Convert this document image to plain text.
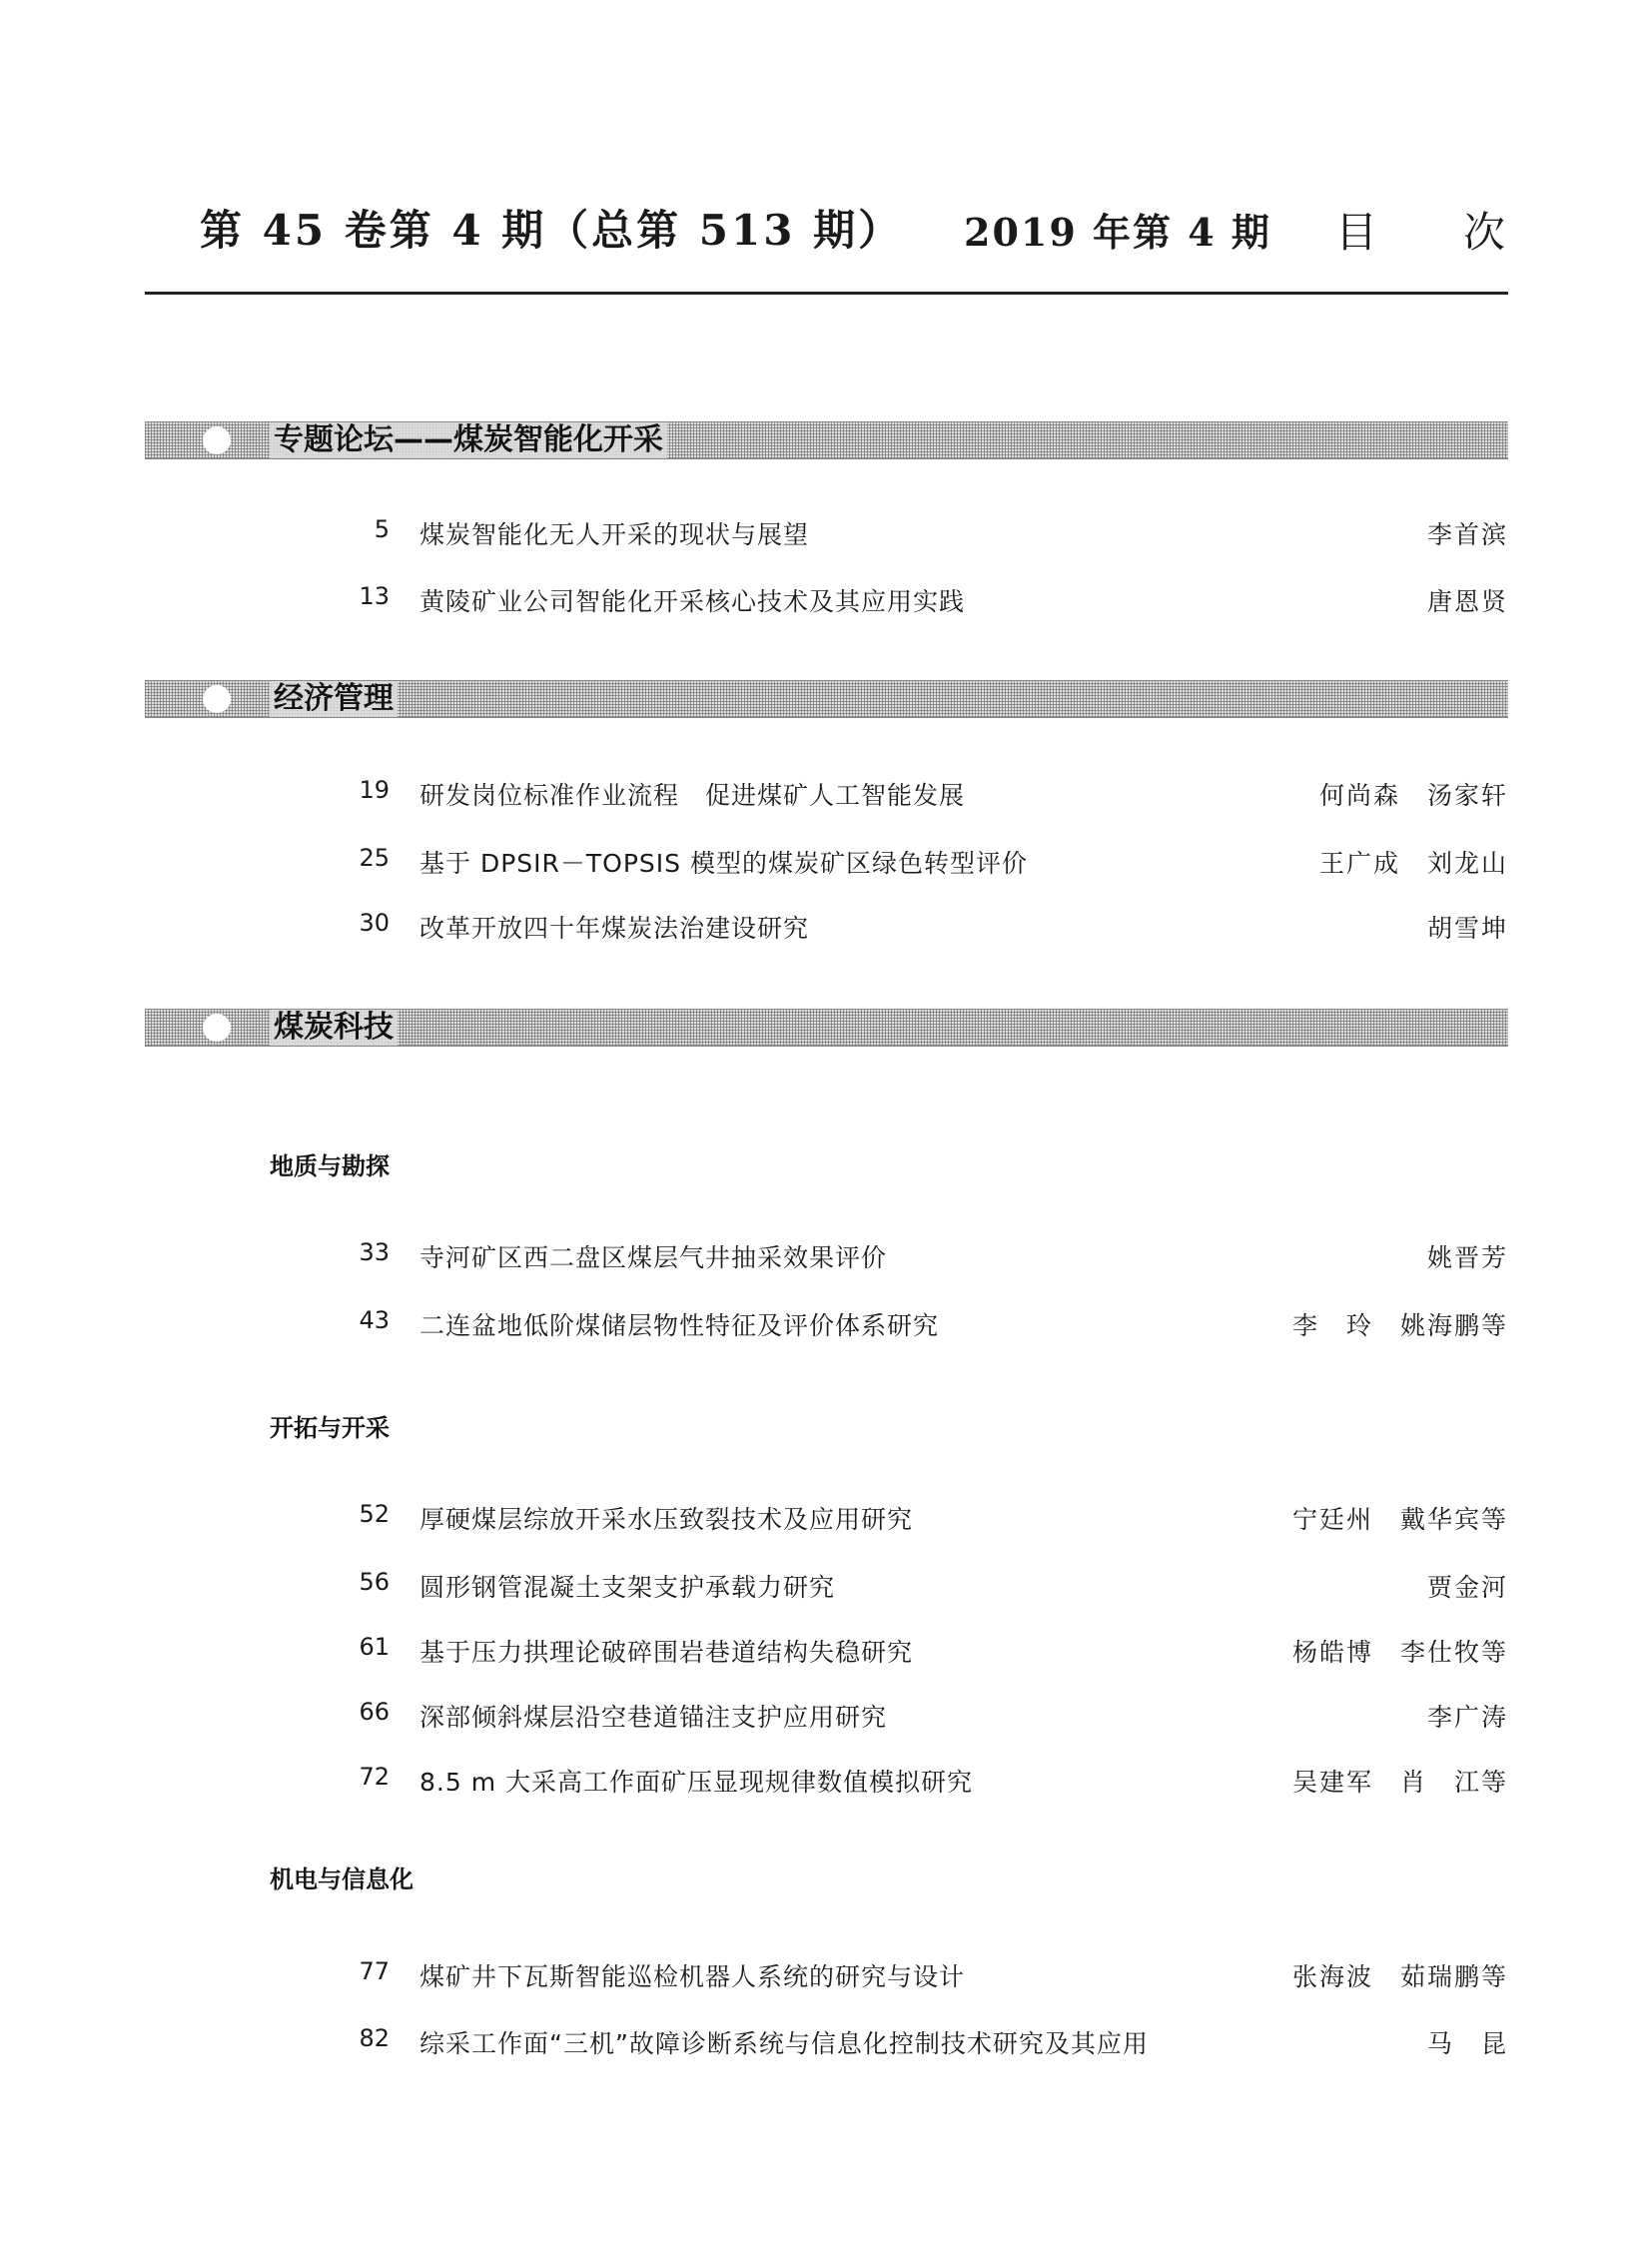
第 45 卷第 4 期（总第 513 期） 2019 年第 4 期 目次
专题论坛——煤炭智能化开采
5 煤炭智能化无人开采的现状与展望	李首滨
13 黄陵矿业公司智能化开采核心技术及其应用实践	唐恩贤
经济管理
19 研发岗位标准作业流程　促进煤矿人工智能发展	何尚森　汤家轩
25 基于 DPSIR－TOPSIS 模型的煤炭矿区绿色转型评价	王广成　刘龙山
30 改革开放四十年煤炭法治建设研究	胡雪坤
煤炭科技
地质与勘探
33 寺河矿区西二盘区煤层气井抽采效果评价	姚晋芳
43 二连盆地低阶煤储层物性特征及评价体系研究	李　玲　姚海鹏等
开拓与开采
52 厚硬煤层综放开采水压致裂技术及应用研究	宁廷州　戴华宾等
56 圆形钢管混凝土支架支护承载力研究	贾金河
61 基于压力拱理论破碎围岩巷道结构失稳研究	杨皓博　李仕牧等
66 深部倾斜煤层沿空巷道锚注支护应用研究	李广涛
72 8.5 m 大采高工作面矿压显现规律数值模拟研究	吴建军　肖　江等
机电与信息化
77 煤矿井下瓦斯智能巡检机器人系统的研究与设计	张海波　茹瑞鹏等
82 综采工作面“三机”故障诊断系统与信息化控制技术研究及其应用	马　昆
